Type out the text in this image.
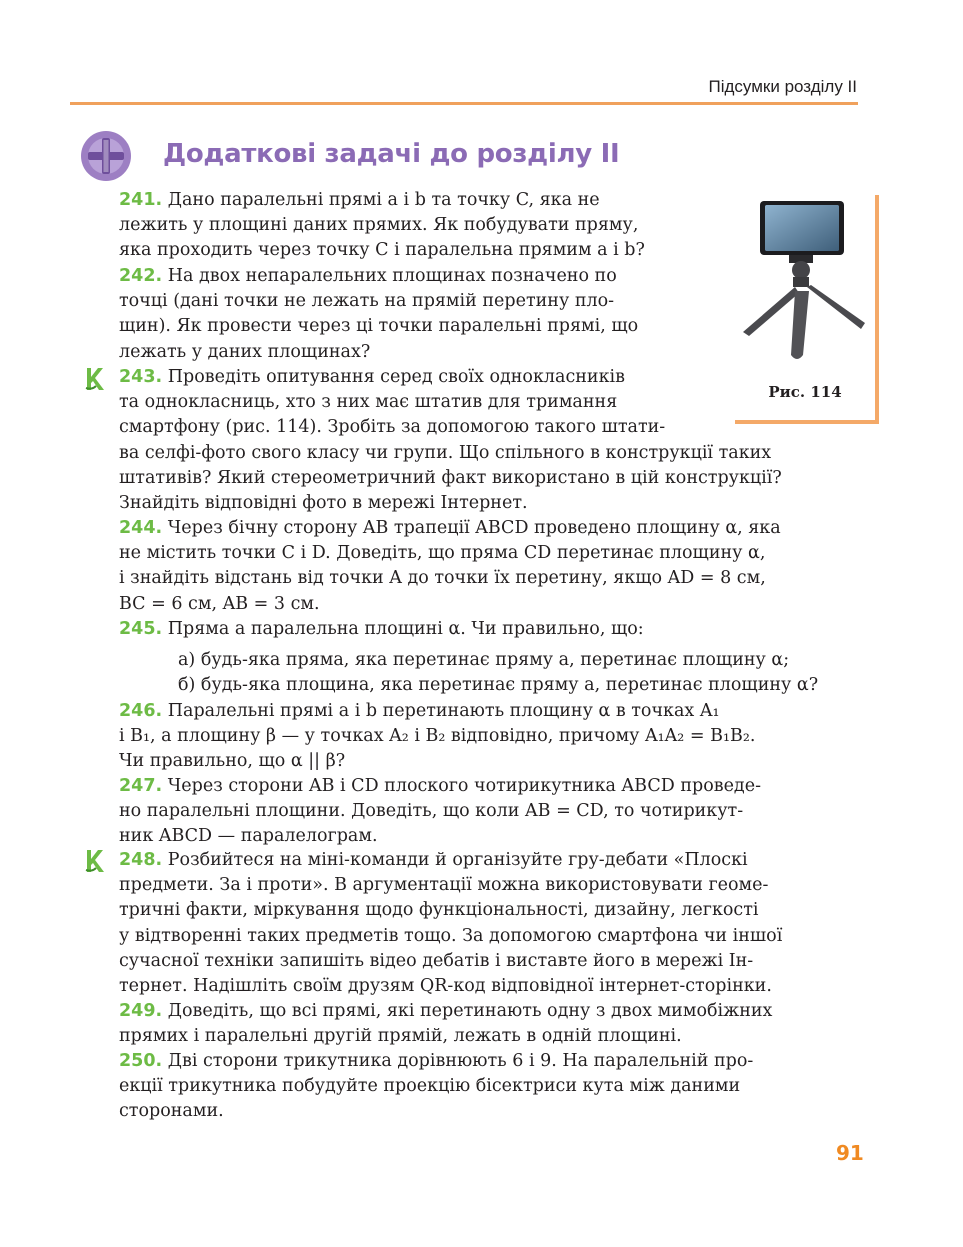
Підсумки розділу ІІ
Додаткові задачі до розділу ІІ
Рис. 114
241. Дано паралельні прямі a і b та точку C, яка не
лежить у площині даних прямих. Як побудувати пряму,
яка проходить через точку C і паралельна прямим a і b?
242. На двох непаралельних площинах позначено по
точці (дані точки не лежать на прямій перетину пло-
щин). Як провести через ці точки паралельні прямі, що
лежать у даних площинах?
243. Проведіть опитування серед своїх однокласників
та однокласниць, хто з них має штатив для тримання
смартфону (рис. 114). Зробіть за допомогою такого штати-
ва селфі-фото свого класу чи групи. Що спільного в конструкції таких
штативів? Який стереометричний факт використано в цій конструкції?
Знайдіть відповідні фото в мережі Інтернет.
244. Через бічну сторону AB трапеції ABCD проведено площину α, яка
не містить точки C і D. Доведіть, що пряма CD перетинає площину α,
і знайдіть відстань від точки A до точки їх перетину, якщо AD = 8 см,
BC = 6 см, AB = 3 см.
245. Пряма a паралельна площині α. Чи правильно, що:
а) будь-яка пряма, яка перетинає пряму a, перетинає площину α;
б) будь-яка площина, яка перетинає пряму a, перетинає площину α?
246. Паралельні прямі a і b перетинають площину α в точках A₁
і B₁, а площину β — у точках A₂ і B₂ відповідно, причому A₁A₂ = B₁B₂.
Чи правильно, що α || β?
247. Через сторони AB і CD плоского чотирикутника ABCD проведе-
но паралельні площини. Доведіть, що коли AB = CD, то чотирикут-
ник ABCD — паралелограм.
248. Розбийтеся на міні-команди й організуйте гру-дебати «Плоскі
предмети. За і проти». В аргументації можна використовувати геоме-
тричні факти, міркування щодо функціональності, дизайну, легкості
у відтворенні таких предметів тощо. За допомогою смартфона чи іншої
сучасної техніки запишіть відео дебатів і виставте його в мережі Ін-
тернет. Надішліть своїм друзям QR-код відповідної інтернет-сторінки.
249. Доведіть, що всі прямі, які перетинають одну з двох мимобіжних
прямих і паралельні другій прямій, лежать в одній площині.
250. Дві сторони трикутника дорівнюють 6 і 9. На паралельній про-
екції трикутника побудуйте проекцію бісектриси кута між даними
сторонами.
91
